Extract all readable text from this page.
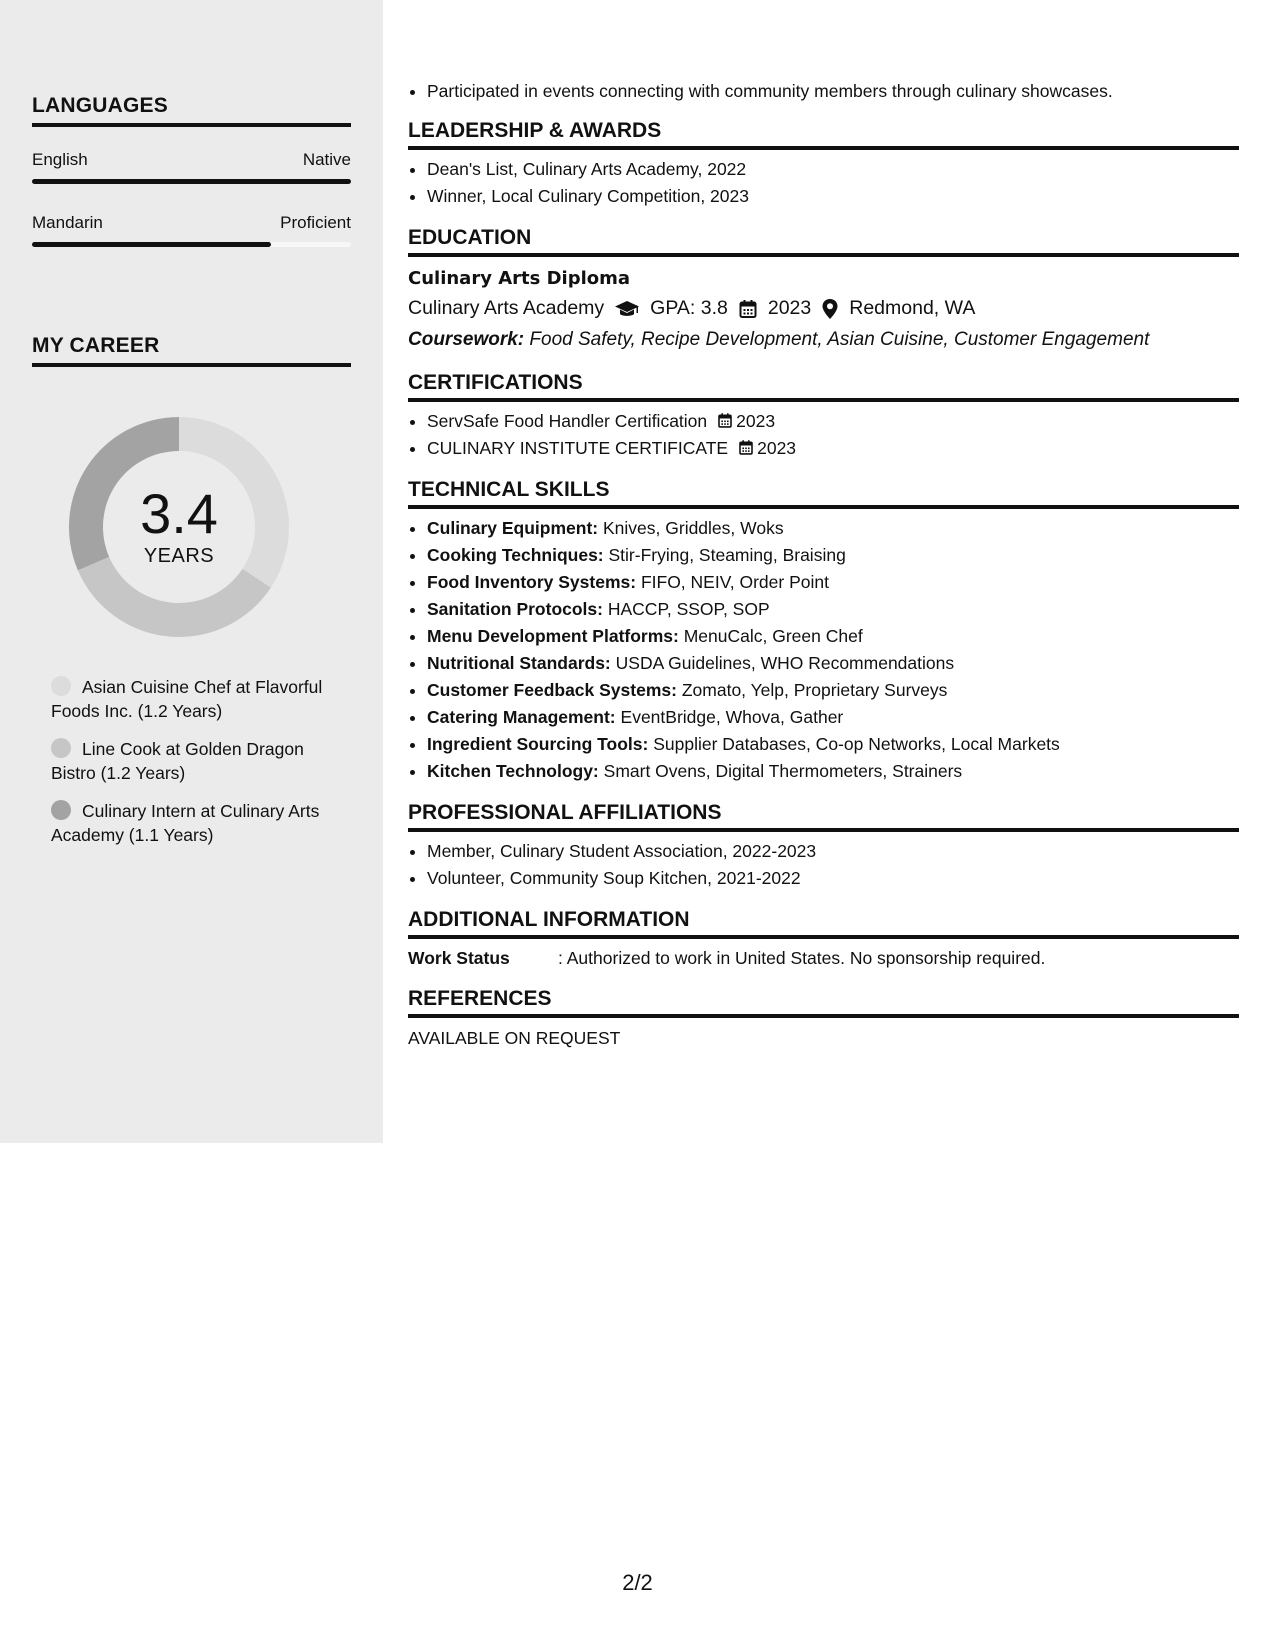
LANGUAGES
English	Native
Mandarin	Proficient
MY CAREER
3.4
YEARS
Asian Cuisine Chef at Flavorful Foods Inc. (1.2 Years)
Line Cook at Golden Dragon Bistro (1.2 Years)
Culinary Intern at Culinary Arts Academy (1.1 Years)
• Participated in events connecting with community members through culinary showcases.
LEADERSHIP & AWARDS
• Dean's List, Culinary Arts Academy, 2022
• Winner, Local Culinary Competition, 2023
EDUCATION
Culinary Arts Diploma
Culinary Arts Academy GPA: 3.8 2023 Redmond, WA
Coursework: Food Safety, Recipe Development, Asian Cuisine, Customer Engagement
CERTIFICATIONS
• ServSafe Food Handler Certification 2023
• CULINARY INSTITUTE CERTIFICATE 2023
TECHNICAL SKILLS
• Culinary Equipment: Knives, Griddles, Woks
• Cooking Techniques: Stir-Frying, Steaming, Braising
• Food Inventory Systems: FIFO, NEIV, Order Point
• Sanitation Protocols: HACCP, SSOP, SOP
• Menu Development Platforms: MenuCalc, Green Chef
• Nutritional Standards: USDA Guidelines, WHO Recommendations
• Customer Feedback Systems: Zomato, Yelp, Proprietary Surveys
• Catering Management: EventBridge, Whova, Gather
• Ingredient Sourcing Tools: Supplier Databases, Co-op Networks, Local Markets
• Kitchen Technology: Smart Ovens, Digital Thermometers, Strainers
PROFESSIONAL AFFILIATIONS
• Member, Culinary Student Association, 2022-2023
• Volunteer, Community Soup Kitchen, 2021-2022
ADDITIONAL INFORMATION
Work Status	: Authorized to work in United States. No sponsorship required.
REFERENCES
AVAILABLE ON REQUEST
2/2
